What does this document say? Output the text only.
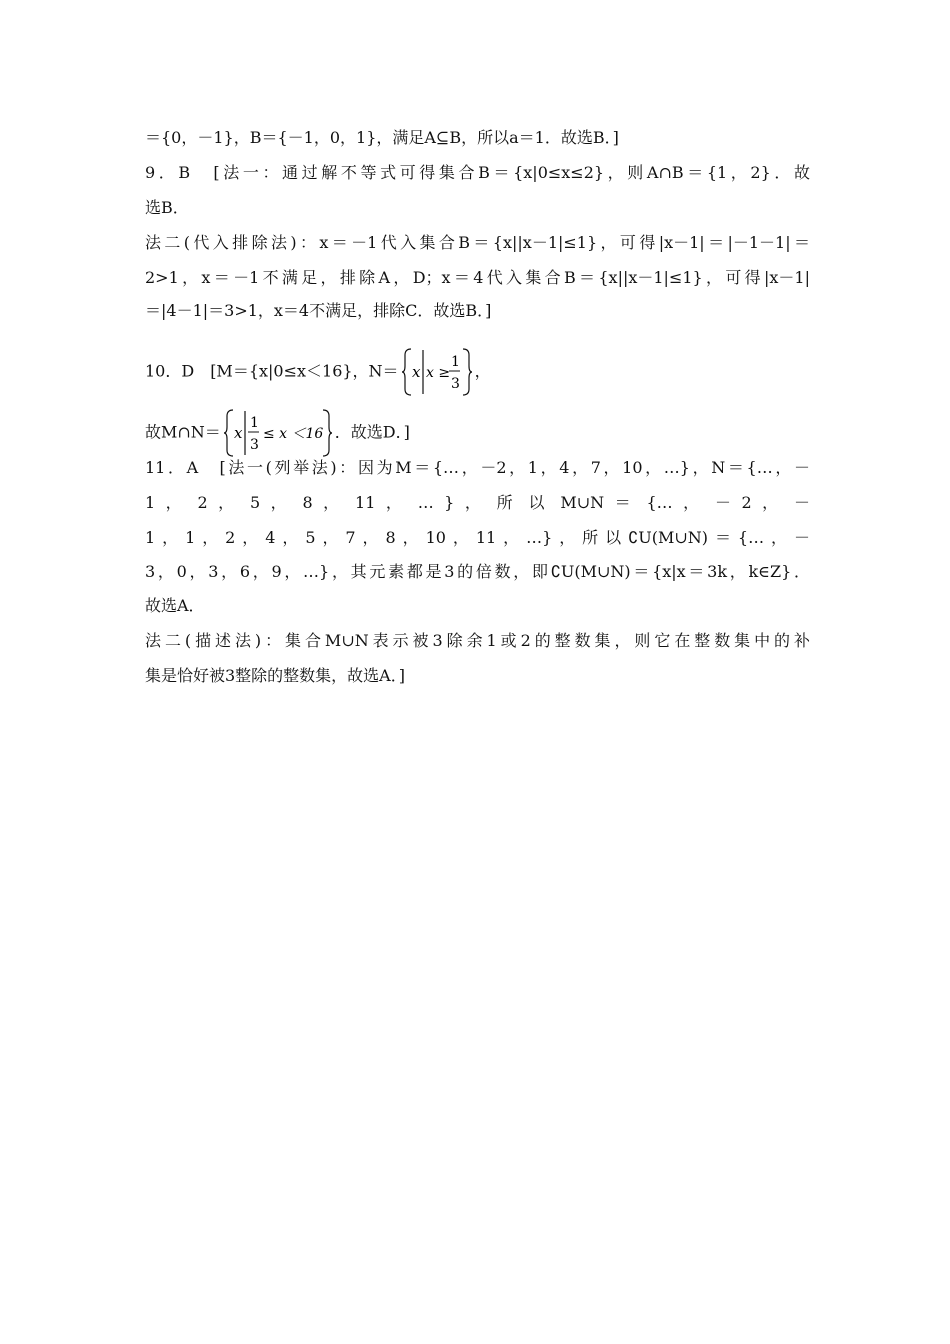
＝{0，－1}，B＝{－1，0，1}，满足A⊆B，所以a＝1．故选B．]
9．B　[法一：通过解不等式可得集合B＝{x|0≤x≤2}，则A∩B＝{1，2}．故
选B．
法二(代入排除法)：x＝－1代入集合B＝{x||x－1|≤1}，可得|x－1|＝|－1－1|＝
2>1，x＝－1不满足，排除A，D；x＝4代入集合B＝{x||x－1|≤1}，可得|x－1|
＝|4－1|＝3>1，x＝4不满足，排除C．故选B．]
10．D　[M＝{x|0≤x＜16}，N＝ x x ≥
1
3
，
故M∩N＝ x
1
3
≤ x ＜16 ．故选D．]
11．A　[法一(列举法)：因为M＝{…，－2，1，4，7，10，…}，N＝{…，－
1 ， 2 ， 5 ， 8 ， 11 ， … } ， 所 以 M∪N ＝ {… ， － 2 ， －
1，1，2，4，5，7，8，10，11，…}，所以∁U(M∪N)＝{…，－
3，0，3，6，9，…}，其元素都是3的倍数，即∁U(M∪N)＝{x|x＝3k，k∈Z}．
故选A．
法二(描述法)：集合M∪N表示被3除余1或2的整数集，则它在整数集中的补
集是恰好被3整除的整数集，故选A．]
